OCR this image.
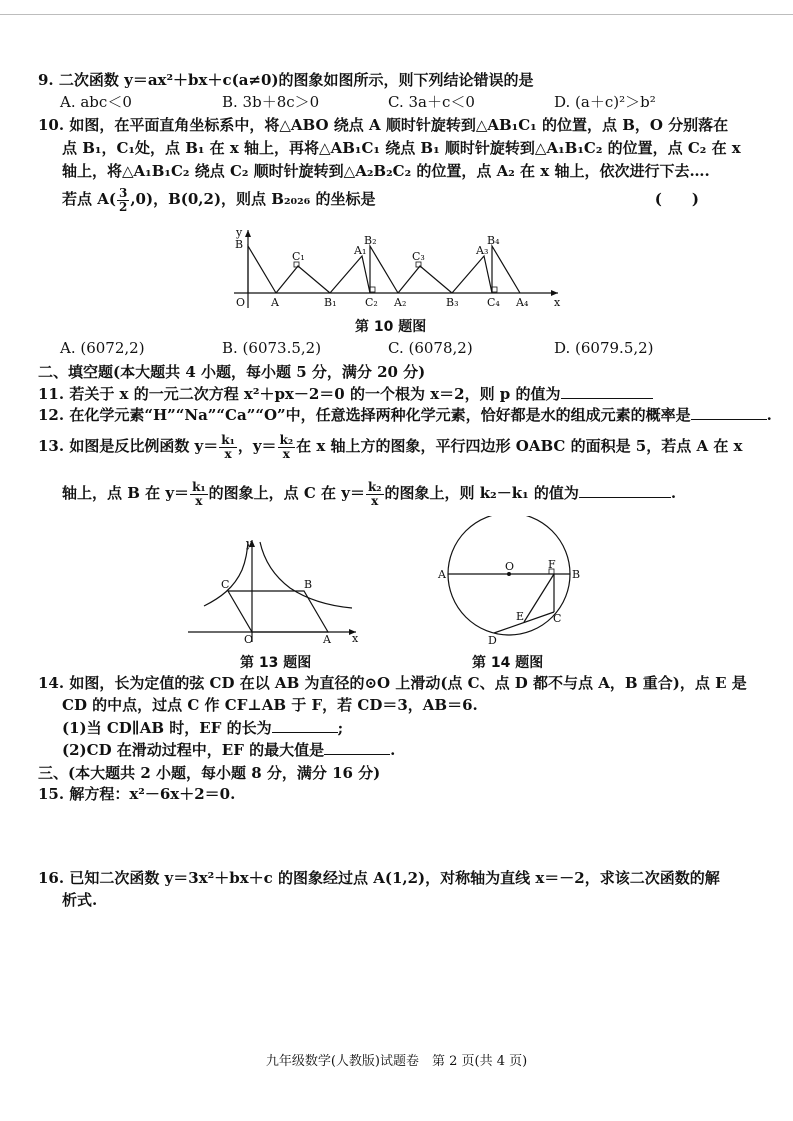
9. 二次函数 y＝ax²＋bx＋c(a≠0)的图象如图所示，则下列结论错误的是
A. abc＜0	B. 3b＋8c＞0	C. 3a＋c＜0	D. (a＋c)²＞b²
10. 如图，在平面直角坐标系中，将△ABO 绕点 A 顺时针旋转到△AB₁C₁ 的位置，点 B，O 分别落在
点 B₁，C₁处，点 B₁ 在 x 轴上，再将△AB₁C₁ 绕点 B₁ 顺时针旋转到△A₁B₁C₂ 的位置，点 C₂ 在 x
轴上，将△A₁B₁C₂ 绕点 C₂ 顺时针旋转到△A₂B₂C₂ 的位置，点 A₂ 在 x 轴上，依次进行下去….
若点 $A( \frac{3}{2} ,0)$，B(0,2)，则点 B₂₀₂₆ 的坐标是	(　　)
y
x
B
O A
C₁
B₁
A₁
B₂
C₂ A₂
C₃
B₃
A₃
B₄
C₄ A₄
第 10 题图
A. (6072,2)	B. (6073.5,2)	C. (6078,2)	D. (6079.5,2)
二、填空题(本大题共 4 小题，每小题 5 分，满分 20 分)
11. 若关于 x 的一元二次方程 x²＋px－2＝0 的一个根为 x＝2，则 p 的值为
12. 在化学元素“H”“Na”“Ca”“O”中，任意选择两种化学元素，恰好都是水的组成元素的概率是	.
13. 如图是反比例函数 $y= \frac{\text{k₁}}{x}$ ，$y= \frac{\text{k₂}}{x}$ 在 x 轴上方的图象，平行四边形 OABC 的面积是 5，若点 A 在 x
轴上，点 B 在 $y= \frac{\text{k₁}}{x}$ 的图象上，点 C 在 $y= \frac{\text{k₂}}{x}$ 的图象上，则 k₂－k₁ 的值为	.
y
x
O	A
B
C
第 13 题图
A	B
O	F
C
E
D
第 14 题图
14. 如图，长为定值的弦 CD 在以 AB 为直径的⊙O 上滑动(点 C、点 D 都不与点 A，B 重合)，点 E 是
CD 的中点，过点 C 作 CF⊥AB 于 F，若 CD＝3，AB＝6.
(1)当 CD∥AB 时，EF 的长为	;
(2)CD 在滑动过程中，EF 的最大值是	.
三、(本大题共 2 小题，每小题 8 分，满分 16 分)
15. 解方程：x²－6x＋2＝0.
16. 已知二次函数 y＝3x²＋bx＋c 的图象经过点 A(1,2)，对称轴为直线 x＝－2，求该二次函数的解
析式.
九年级数学(人教版)试题卷　第 2 页(共 4 页)
